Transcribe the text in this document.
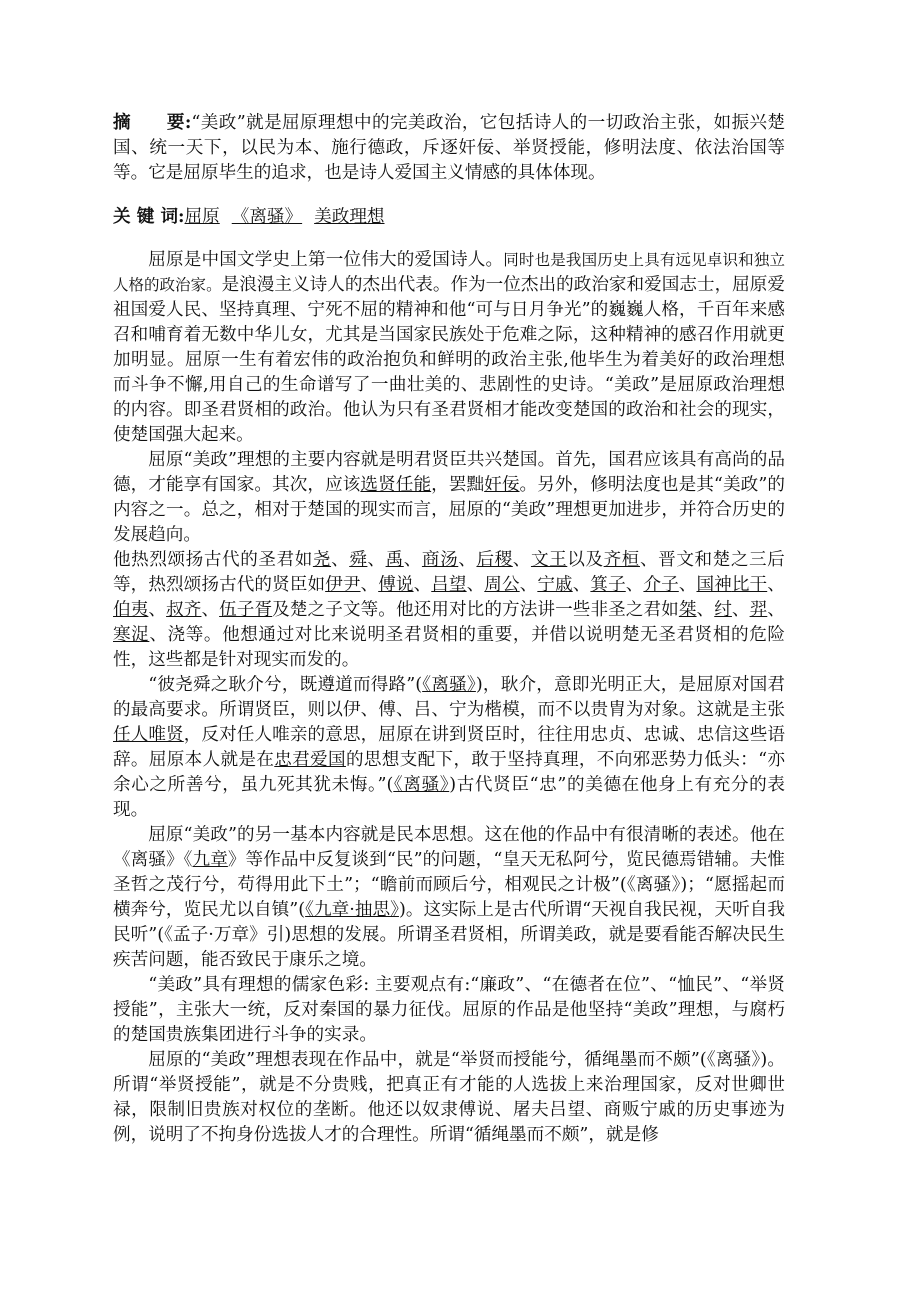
摘　　要:“美政”就是屈原理想中的完美政治，它包括诗人的一切政治主张，如振兴楚国、统一天下，以民为本、施行德政，斥逐奸佞、举贤授能，修明法度、依法治国等等。它是屈原毕生的追求，也是诗人爱国主义情感的具体体现。

关 键 词:屈原 《离骚》 美政理想

屈原是中国文学史上第一位伟大的爱国诗人。同时也是我国历史上具有远见卓识和独立人格的政治家。是浪漫主义诗人的杰出代表。作为一位杰出的政治家和爱国志士，屈原爱祖国爱人民、坚持真理、宁死不屈的精神和他“可与日月争光”的巍巍人格，千百年来感召和哺育着无数中华儿女，尤其是当国家民族处于危难之际，这种精神的感召作用就更加明显。屈原一生有着宏伟的政治抱负和鲜明的政治主张,他毕生为着美好的政治理想而斗争不懈,用自己的生命谱写了一曲壮美的、悲剧性的史诗。“美政”是屈原政治理想的内容。即圣君贤相的政治。他认为只有圣君贤相才能改变楚国的政治和社会的现实，使楚国强大起来。

屈原“美政”理想的主要内容就是明君贤臣共兴楚国。首先，国君应该具有高尚的品德，才能享有国家。其次，应该选贤任能，罢黜奸佞。另外，修明法度也是其“美政”的内容之一。总之，相对于楚国的现实而言，屈原的“美政”理想更加进步，并符合历史的发展趋向。

他热烈颂扬古代的圣君如尧、舜、禹、商汤、后稷、文王以及齐桓、晋文和楚之三后等，热烈颂扬古代的贤臣如伊尹、傅说、吕望、周公、宁戚、箕子、介子、国神比干、伯夷、叔齐、伍子胥及楚之子文等。他还用对比的方法讲一些非圣之君如桀、纣、羿、寒浞、浇等。他想通过对比来说明圣君贤相的重要，并借以说明楚无圣君贤相的危险性，这些都是针对现实而发的。

“彼尧舜之耿介兮，既遵道而得路”(《离骚》)，耿介，意即光明正大，是屈原对国君的最高要求。所谓贤臣，则以伊、傅、吕、宁为楷模，而不以贵胄为对象。这就是主张任人唯贤，反对任人唯亲的意思，屈原在讲到贤臣时，往往用忠贞、忠诚、忠信这些语辞。屈原本人就是在忠君爱国的思想支配下，敢于坚持真理，不向邪恶势力低头：“亦余心之所善兮，虽九死其犹未悔。”(《离骚》)古代贤臣“忠”的美德在他身上有充分的表现。

屈原“美政”的另一基本内容就是民本思想。这在他的作品中有很清晰的表述。他在《离骚》《九章》等作品中反复谈到“民”的问题，“皇天无私阿兮，览民德焉错辅。夫惟圣哲之茂行兮，苟得用此下土”；“瞻前而顾后兮，相观民之计极”(《离骚》)；“愿摇起而横奔兮，览民尤以自镇”(《九章·抽思》)。这实际上是古代所谓“天视自我民视，天听自我民听”(《孟子·万章》引)思想的发展。所谓圣君贤相，所谓美政，就是要看能否解决民生疾苦问题，能否致民于康乐之境。

“美政”具有理想的儒家色彩: 主要观点有:“廉政”、“在德者在位”、“恤民”、“举贤授能”，主张大一统，反对秦国的暴力征伐。屈原的作品是他坚持“美政”理想，与腐朽的楚国贵族集团进行斗争的实录。

屈原的“美政”理想表现在作品中，就是“举贤而授能兮，循绳墨而不颇”(《离骚》)。所谓“举贤授能”，就是不分贵贱，把真正有才能的人选拔上来治理国家，反对世卿世禄，限制旧贵族对权位的垄断。他还以奴隶傅说、屠夫吕望、商贩宁戚的历史事迹为例，说明了不拘身份选拔人才的合理性。所谓“循绳墨而不颇”，就是修
